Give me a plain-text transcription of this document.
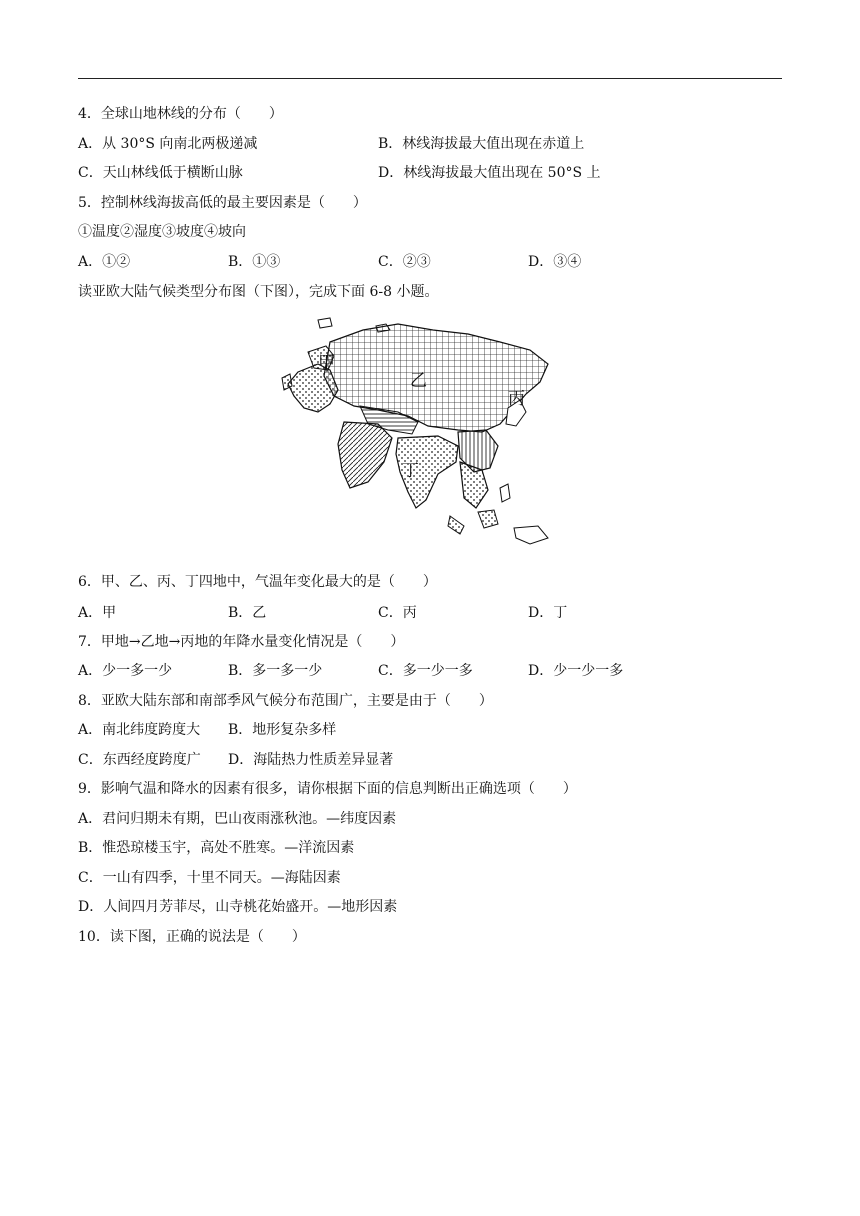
4．全球山地林线的分布（　　）
A．从 30°S 向南北两极递减	B．林线海拔最大值出现在赤道上
C．天山林线低于横断山脉	D．林线海拔最大值出现在 50°S 上
5．控制林线海拔高低的最主要因素是（　　）
①温度②湿度③坡度④坡向
A．①②	B．①③	C．②③	D．③④
读亚欧大陆气候类型分布图（下图），完成下面 6-8 小题。
甲
乙
丙
丁
6．甲、乙、丙、丁四地中，气温年变化最大的是（　　）
A．甲	B．乙	C．丙	D．丁
7．甲地→乙地→丙地的年降水量变化情况是（　　）
A．少一多一少	B．多一多一少	C．多一少一多	D．少一少一多
8．亚欧大陆东部和南部季风气候分布范围广，主要是由于（　　）
A．南北纬度跨度大 B．地形复杂多样
C．东西经度跨度广 D．海陆热力性质差异显著
9．影响气温和降水的因素有很多，请你根据下面的信息判断出正确选项（　　）
A．君问归期未有期，巴山夜雨涨秋池。—纬度因素
B．惟恐琼楼玉宇，高处不胜寒。—洋流因素
C．一山有四季，十里不同天。—海陆因素
D．人间四月芳菲尽，山寺桃花始盛开。—地形因素
10．读下图，正确的说法是（　　）
